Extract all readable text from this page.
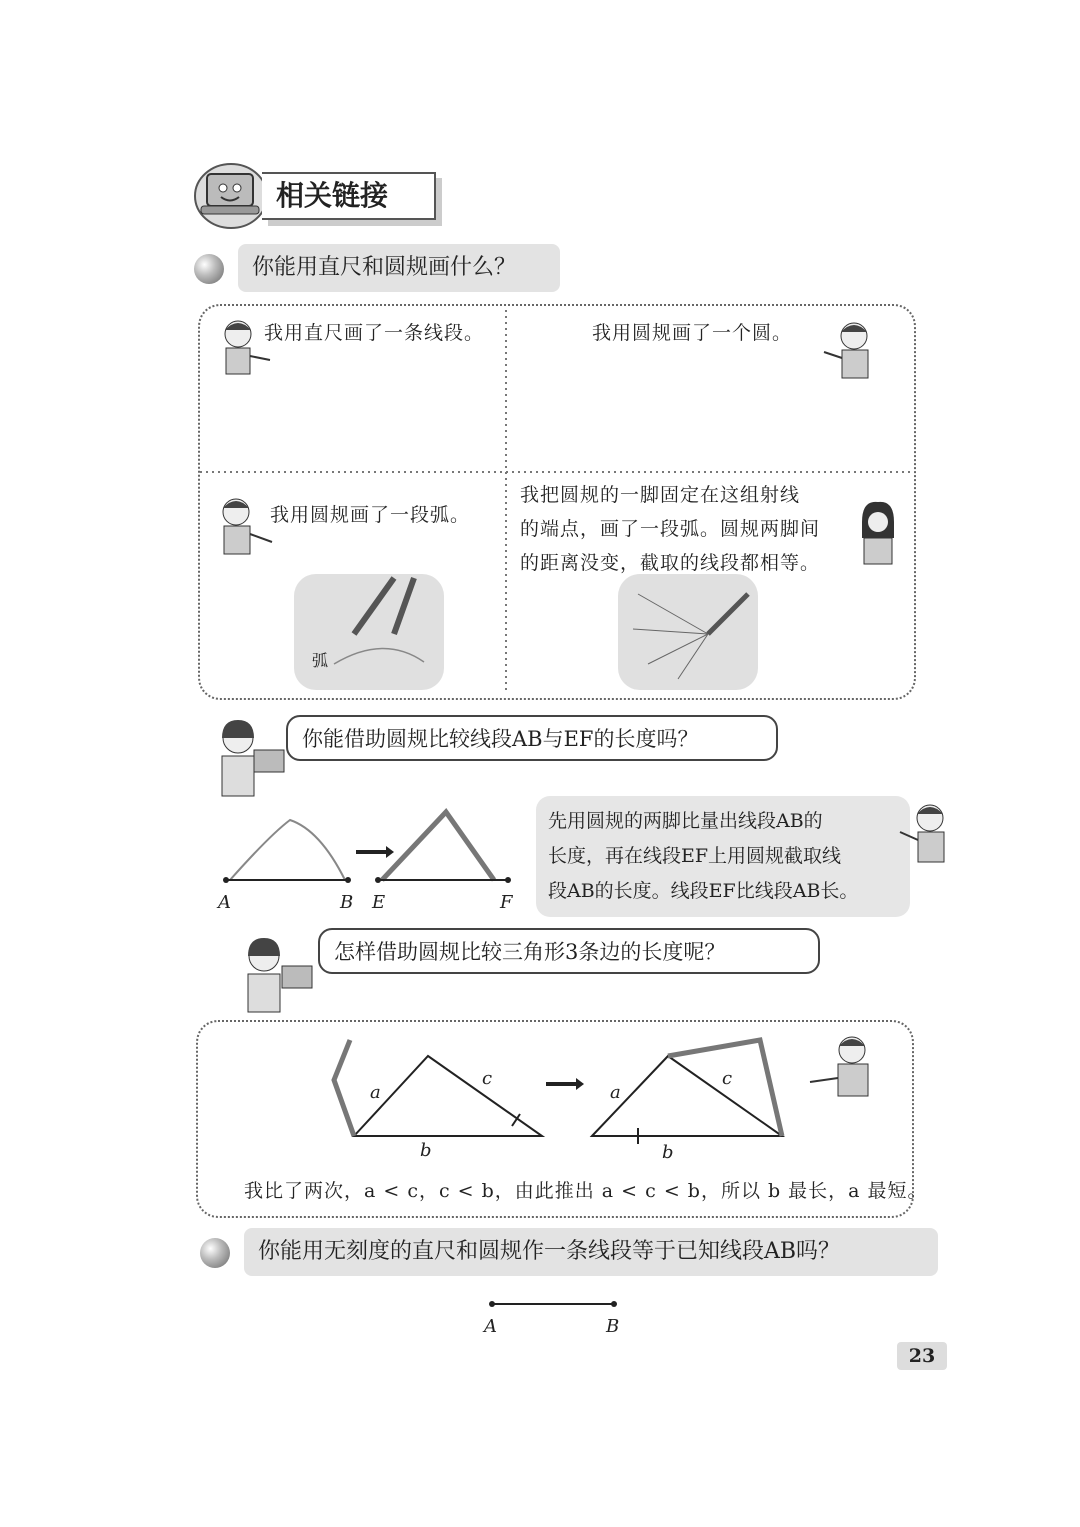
相关链接
你能用直尺和圆规画什么？
我用直尺画了一条线段。	我用圆规画了一个圆。
我用圆规画了一段弧。
弧
我把圆规的一脚固定在这组射线
的端点，画了一段弧。圆规两脚间
的距离没变，截取的线段都相等。
你能借助圆规比较线段AB与EF的长度吗？
A	B E	F
先用圆规的两脚比量出线段AB的
长度，再在线段EF上用圆规截取线
段AB的长度。线段EF比线段AB长。
怎样借助圆规比较三角形3条边的长度呢？
a
c
b
a
c
b
我比了两次，a < c，c < b，由此推出 a < c < b，所以 b 最长，a 最短。
你能用无刻度的直尺和圆规作一条线段等于已知线段AB吗？
A	B
23
